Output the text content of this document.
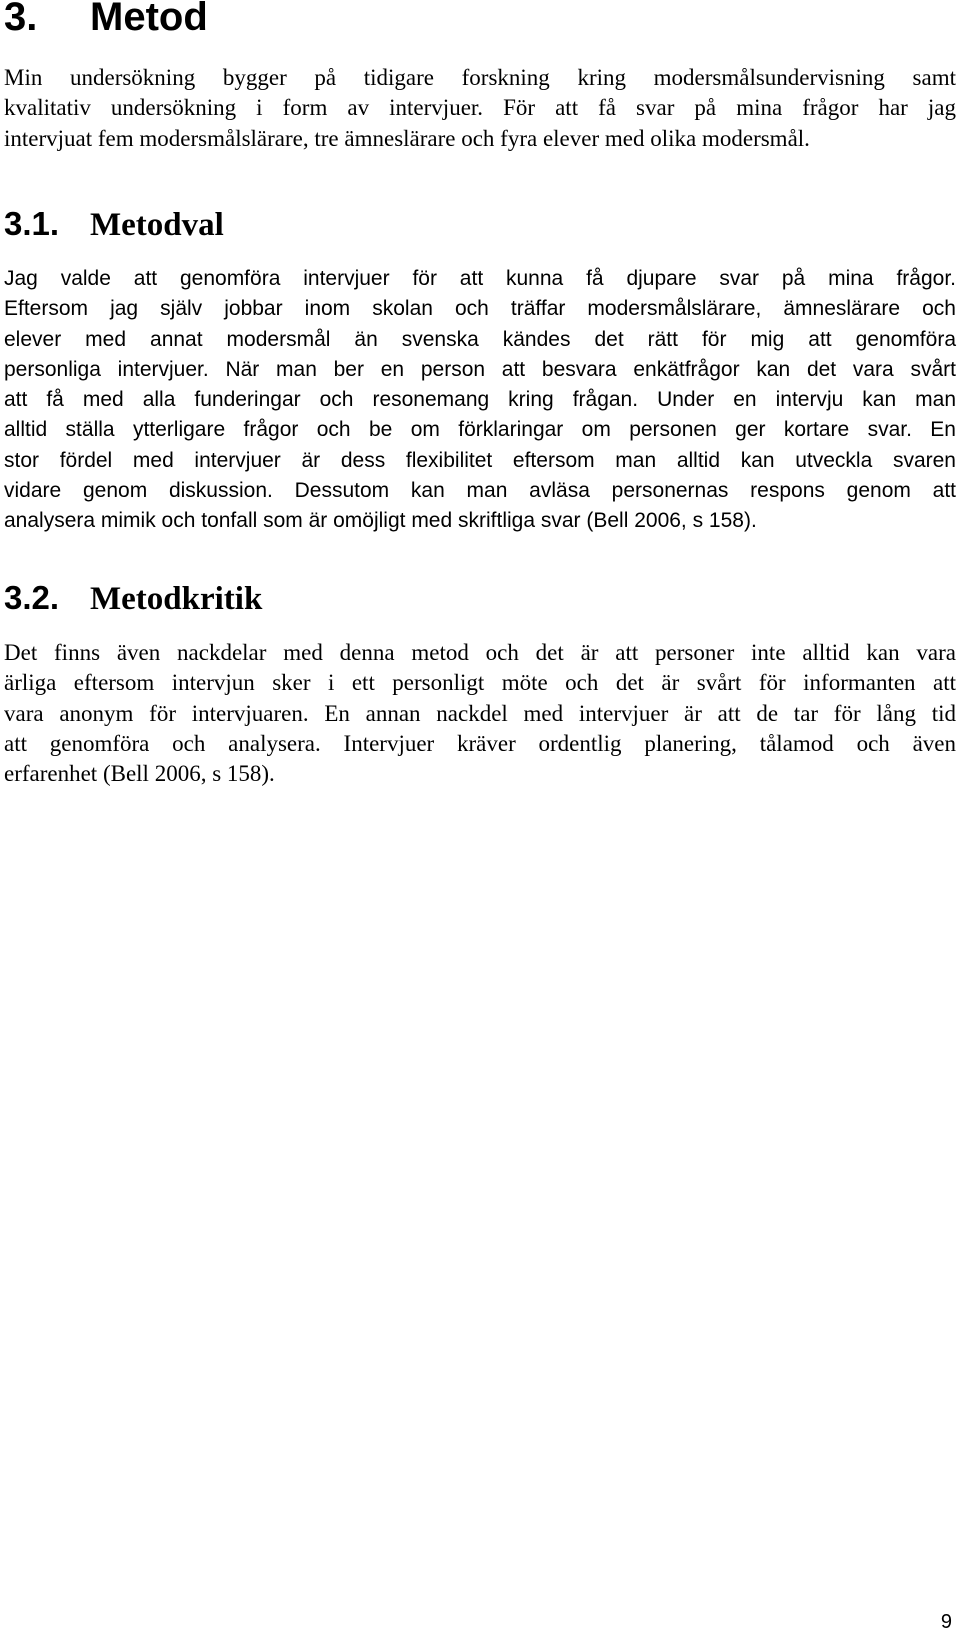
3. Metod

Min undersökning bygger på tidigare forskning kring modersmålsundervisning samt
kvalitativ undersökning i form av intervjuer. För att få svar på mina frågor har jag
intervjuat fem modersmålslärare, tre ämneslärare och fyra elever med olika modersmål.

3.1. Metodval

Jag valde att genomföra intervjuer för att kunna få djupare svar på mina frågor.
Eftersom jag själv jobbar inom skolan och träffar modersmålslärare, ämneslärare och
elever med annat modersmål än svenska kändes det rätt för mig att genomföra
personliga intervjuer. När man ber en person att besvara enkätfrågor kan det vara svårt
att få med alla funderingar och resonemang kring frågan. Under en intervju kan man
alltid ställa ytterligare frågor och be om förklaringar om personen ger kortare svar. En
stor fördel med intervjuer är dess flexibilitet eftersom man alltid kan utveckla svaren
vidare genom diskussion. Dessutom kan man avläsa personernas respons genom att
analysera mimik och tonfall som är omöjligt med skriftliga svar (Bell 2006, s 158).

3.2. Metodkritik

Det finns även nackdelar med denna metod och det är att personer inte alltid kan vara
ärliga eftersom intervjun sker i ett personligt möte och det är svårt för informanten att
vara anonym för intervjuaren. En annan nackdel med intervjuer är att de tar för lång tid
att genomföra och analysera. Intervjuer kräver ordentlig planering, tålamod och även
erfarenhet (Bell 2006, s 158).

9
